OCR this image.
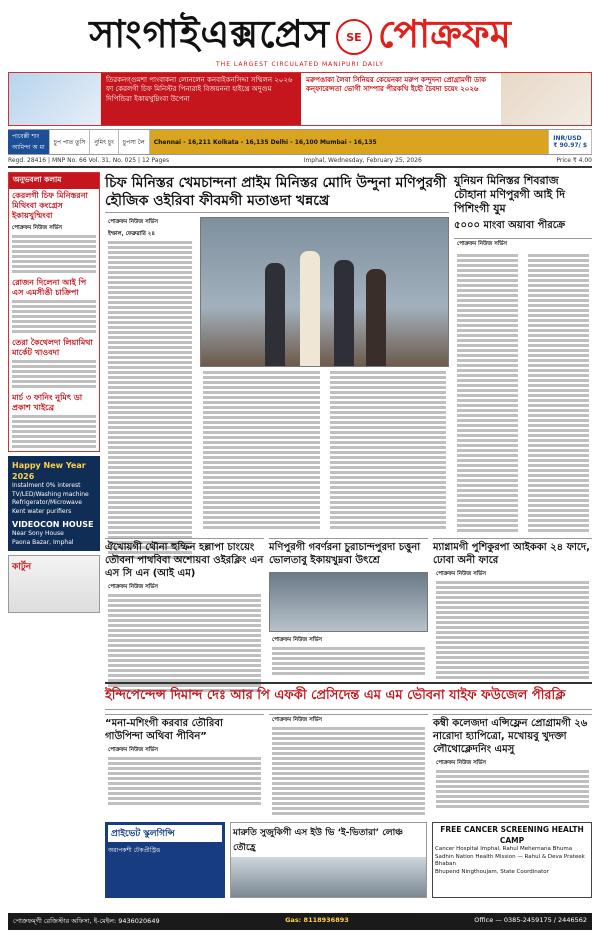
সাংগাইএক্সপ্রেস	SE পোক্রফম
THE LARGEST CIRCULATED MANIPURI DAILY
তিরকনগ্গুমশা পাংবাকনা লোনলেন কনবাইকনসিদ্দা সম্মিলন ২০২৬ ফা কেরলগী চিফ মিনিস্টর পিনারাই বিজয়ননা হাইখ্রে অদুগুম দিপিন্ডিরা ইকায়খুম্নিংবা উপেনা
মরুপঙাকা লৈবা সিনিয়র কেয়েনকা মরুপ কন্দুদনা প্রোগ্রামগী ডাক কন্ফারেন্সতা ভোগী সাম্পার পীরকখি ইহৌ চৈবদা চয়েং ২০২৬
পাবেল্লী শাং
আমিন্দা অ মা
চুপ পাত তুসি	নুমিৎ চুং	চুপসা লৈ	Chennai - 16,211 Kolkata - 16,135 Delhi - 16,100 Mumbai - 16,135	INR/USD
₹ 90.97/ $
Regd. 28416 | MNP No. 66 Vol. 31, No. 025 | 12 Pages	Imphal, Wednesday, February 25, 2026	Price ₹ 4.00
অনুভবলা কলাম
কেরলগী চিফ মিনিস্তরনা মিথিংবা কংগ্রেস ইকায়খুম্মিংবা
পোক্রফম নিউজ সর্ভিস
রোজন দিলেনা আই পি এস এমসীঙী চাক্রিপা
তেরা কৈথেলদা লিয়ামিথা মার্কেট খাওবদা
মার্চ ৩ ফানিং নুমিৎ ডা প্রকাশ খাইব্রে
Happy New Year 2026
Instalment 0% interest
TV/LED/Washing machine Refrigerator/Microwave
Kent water purifiers
VIDEOCON HOUSE
Near Sony House
Paona Bazar, Imphal
কার্টুন
চিফ মিনিস্তর খেমচান্দনা প্রাইম মিনিস্তর মোদি উন্দুনা মণিপুরগী হৌজিক ওইরিবা ফীবমগী মতাঙদা খন্নখ্রে
পোক্রফম নিউজ সর্ভিস
ইম্ফাল, ফেব্রুৱারি ২৪
যুনিয়ন মিনিস্তর শিবরাজ চৌহানা মণিপুরগী আই দি পিশিংগী যুম
৫০০০ মাংবা অয়াবা পীরক্রে
পোক্রফম নিউজ সর্ভিস
ঐখোয়গী থৌনা হুম্ফিন হল্লাপা চাংয়েং তৌবনা পাথবিবা অশোয়বা ওইরক্লিং এন এস সি এন (আই এম)
পোক্রফম নিউজ সর্ভিস
মণিপুরগী গবর্ণরনা চুরাচান্দপুরদা চত্তুনা ভোলতাবু ইকায়খুম্নবা উৎশ্রে
পোক্রফম নিউজ সর্ভিস
ম্যাগ্নামগী পুশিকুরপা আইককা ২৪ ফাদে, ঢোবা অনী ফারে
পোক্রফম নিউজ সর্ভিস
ইন্দিপেন্দেন্স দিমান্দ দেঃ আর পি এফকী প্রেসিদেন্ত এম এম ভৌবনা যাইফ ফউজেল পীরক্লি
“মনা-মশিংগী করবার তৌরিবা গাউপিন্দা অথিবা পীবিন”
পোক্রফম নিউজ সর্ভিস
পোক্রফম নিউজ সর্ভিস	কম্বী কলেজদা এন্সিফ্লেন প্রোগ্রামগী ২৬ নারোদা হ্যাপিত্রো, মখোয়বু খুদক্তা লৌথোক্লেদনিং এমসু
পোক্রফম নিউজ সর্ভিস
প্রাইভেট স্কুলগিন্সি
অরাপকশী টেকপ্রীস্ট্রিঙ
মারুতি সুজুকিগী এস ইউ ভি ‘ই-ভিতারা’ লোঞ্চ তৌহ্রে
FREE CANCER SCREENING HEALTH CAMP
Cancer Hospital Imphal, Rahul Mehernana Bhuma Sadhin Nation Health Mission — Rahul & Deva Prateek Bhaban
Bhupend Ningthoujam, State Coordinator
পোক্রফম্গী রেজিস্টার অফিসা, ই-মেইল: 9436020649	Gas: 8118936893	Office — 0385-2459175 / 2446562
